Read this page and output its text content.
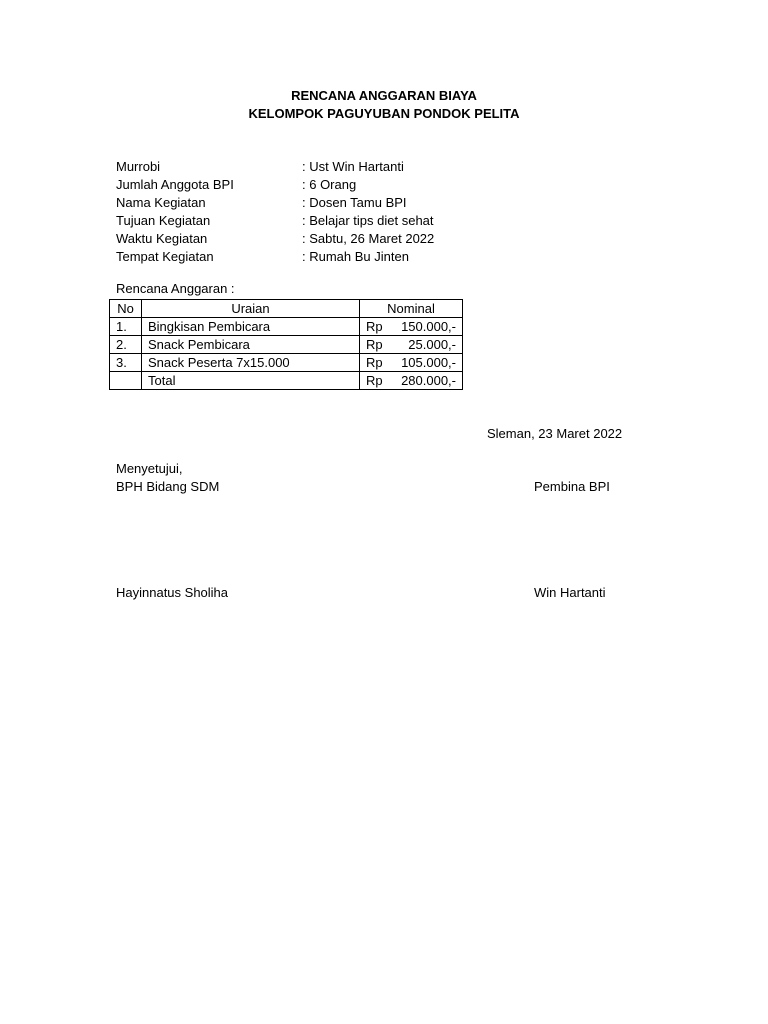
RENCANA ANGGARAN BIAYA
KELOMPOK PAGUYUBAN PONDOK PELITA
Murrobi	: Ust Win Hartanti
Jumlah Anggota BPI	: 6 Orang
Nama Kegiatan	: Dosen Tamu BPI
Tujuan Kegiatan	: Belajar tips diet sehat
Waktu Kegiatan	: Sabtu, 26 Maret 2022
Tempat Kegiatan	: Rumah Bu Jinten
Rencana Anggaran :
No	Uraian	Nominal
1.	Bingkisan Pembicara	Rp 150.000,-
2.	Snack Pembicara	Rp 25.000,-
3.	Snack Peserta 7x15.000	Rp 105.000,-
	Total	Rp 280.000,-
Sleman, 23 Maret 2022
Menyetujui,
BPH Bidang SDM	Pembina BPI
Hayinnatus Sholiha	Win Hartanti
